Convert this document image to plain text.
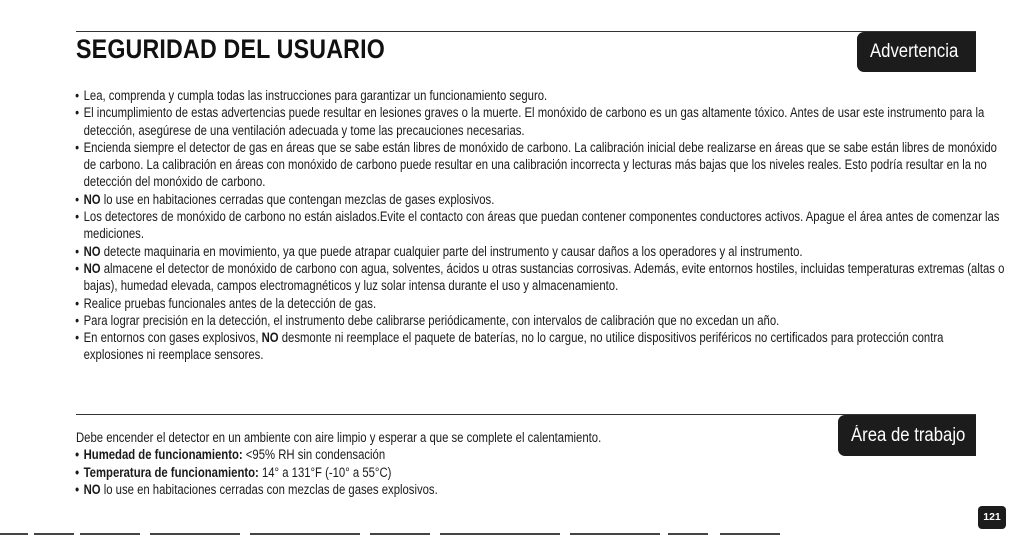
SEGURIDAD DEL USUARIO	Advertencia
• Lea, comprenda y cumpla todas las instrucciones para garantizar un funcionamiento seguro.
• El incumplimiento de estas advertencias puede resultar en lesiones graves o la muerte. El monóxido de carbono es un gas altamente tóxico. Antes de usar este instrumento para la detección, asegúrese de una ventilación adecuada y tome las precauciones necesarias.
• Encienda siempre el detector de gas en áreas que se sabe están libres de monóxido de carbono. La calibración inicial debe realizarse en áreas que se sabe están libres de monóxido de carbono. La calibración en áreas con monóxido de carbono puede resultar en una calibración incorrecta y lecturas más bajas que los niveles reales. Esto podría resultar en la no detección del monóxido de carbono.
• NO lo use en habitaciones cerradas que contengan mezclas de gases explosivos.
• Los detectores de monóxido de carbono no están aislados.Evite el contacto con áreas que puedan contener componentes conductores activos. Apague el área antes de comenzar las mediciones.
• NO detecte maquinaria en movimiento, ya que puede atrapar cualquier parte del instrumento y causar daños a los operadores y al instrumento.
• NO almacene el detector de monóxido de carbono con agua, solventes, ácidos u otras sustancias corrosivas. Además, evite entornos hostiles, incluidas temperaturas extremas (altas o bajas), humedad elevada, campos electromagnéticos y luz solar intensa durante el uso y almacenamiento.
• Realice pruebas funcionales antes de la detección de gas.
• Para lograr precisión en la detección, el instrumento debe calibrarse periódicamente, con intervalos de calibración que no excedan un año.
• En entornos con gases explosivos, NO desmonte ni reemplace el paquete de baterías, no lo cargue, no utilice dispositivos periféricos no certificados para protección contra explosiones ni reemplace sensores.
Área de trabajo
Debe encender el detector en un ambiente con aire limpio y esperar a que se complete el calentamiento.
• Humedad de funcionamiento: <95% RH sin condensación
• Temperatura de funcionamiento: 14° a 131°F (-10° a 55°C)
• NO lo use en habitaciones cerradas con mezclas de gases explosivos.
121
